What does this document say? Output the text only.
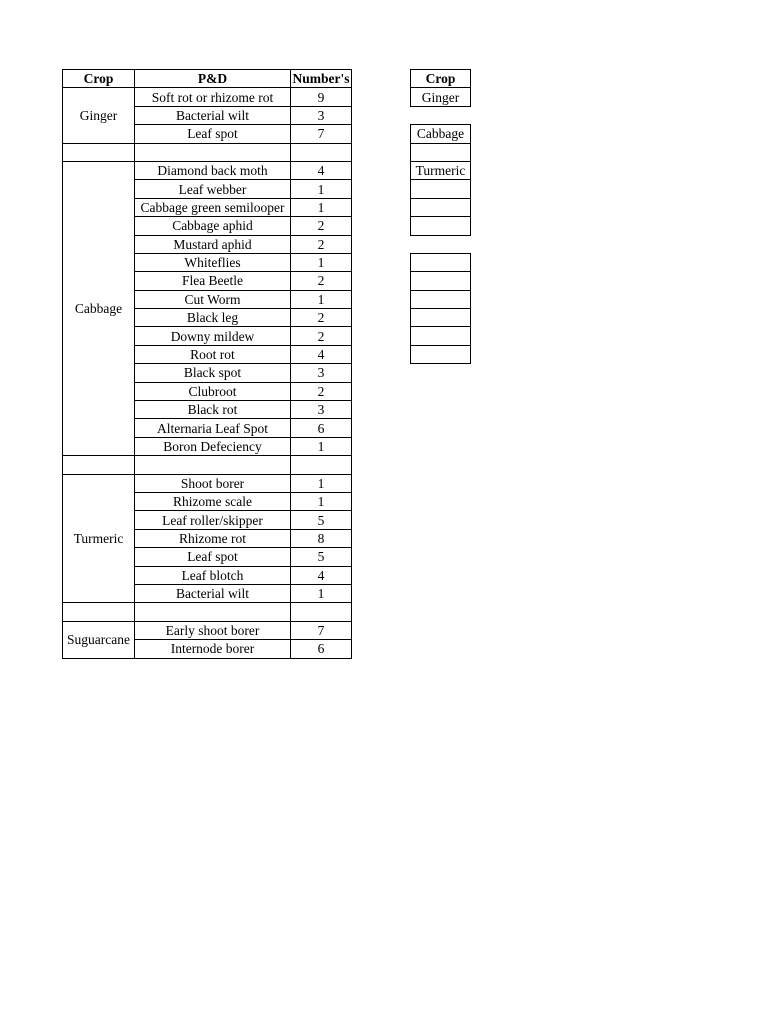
Crop	P&D	Number's
Ginger	Soft rot or rhizome rot	9
	Bacterial wilt	3
	Leaf spot	7

Cabbage	Diamond back moth	4
	Leaf webber	1
	Cabbage green semilooper	1
	Cabbage aphid	2
	Mustard aphid	2
	Whiteflies	1
	Flea Beetle	2
	Cut Worm	1
	Black leg	2
	Downy mildew	2
	Root rot	4
	Black spot	3
	Clubroot	2
	Black rot	3
	Alternaria Leaf Spot	6
	Boron Defeciency	1

Turmeric	Shoot borer	1
	Rhizome scale	1
	Leaf roller/skipper	5
	Rhizome rot	8
	Leaf spot	5
	Leaf blotch	4
	Bacterial wilt	1

Suguarcane	Early shoot borer	7
	Internode borer	6
Crop
Ginger

Cabbage

Turmeric
